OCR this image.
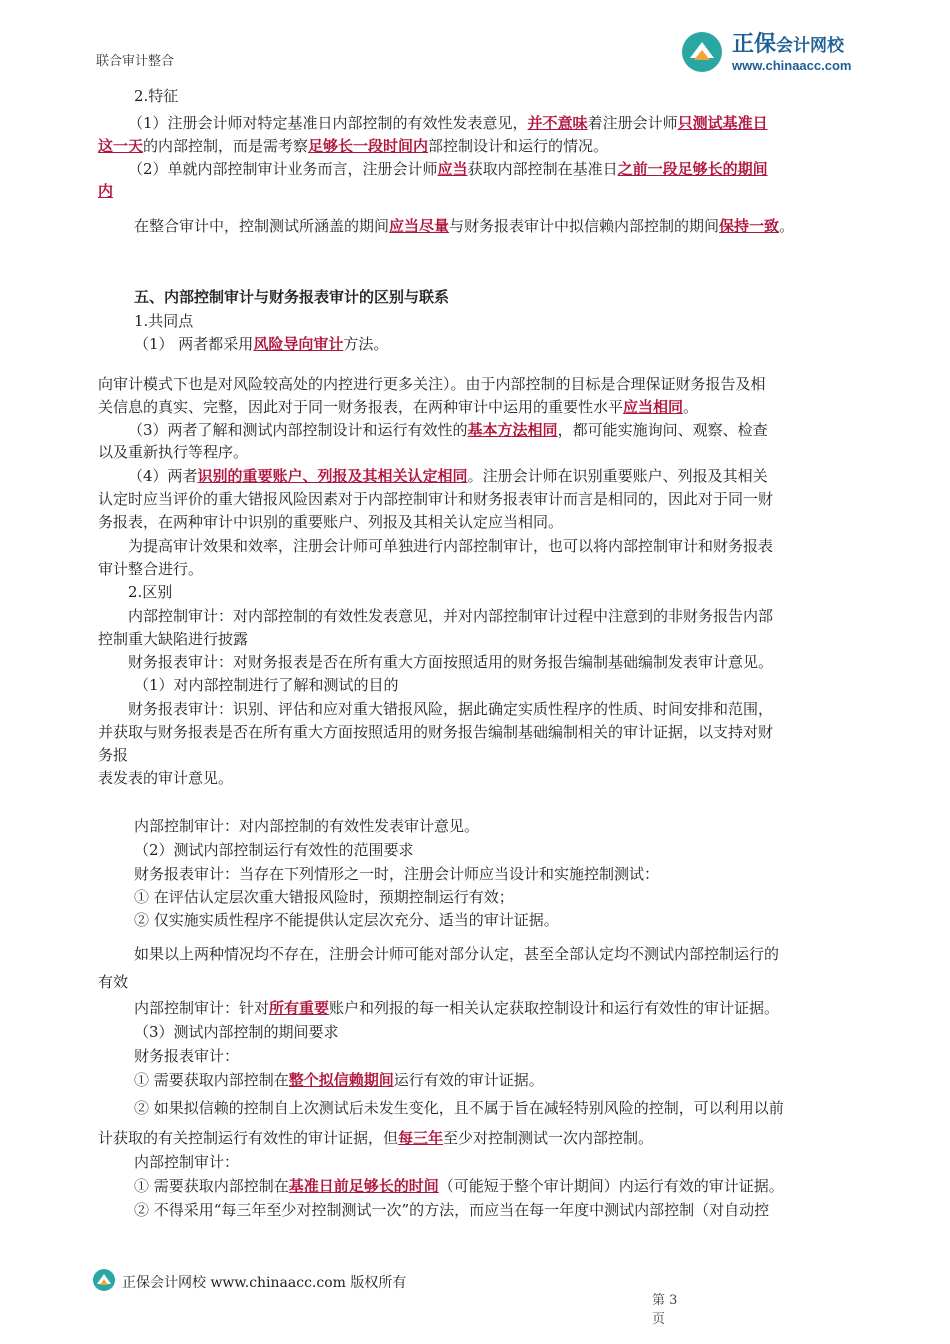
联合审计整合
正保会计网校
www.chinaacc.com
2.特征
（1）注册会计师对特定基准日内部控制的有效性发表意见，并不意味着注册会计师只测试基准日
这一天的内部控制，而是需考察足够长一段时间内部控制设计和运行的情况。
（2）单就内部控制审计业务而言，注册会计师应当获取内部控制在基准日之前一段足够长的期间
内
在整合审计中，控制测试所涵盖的期间应当尽量与财务报表审计中拟信赖内部控制的期间保持一致。
五、内部控制审计与财务报表审计的区别与联系
1.共同点
（1） 两者都采用风险导向审计方法。
向审计模式下也是对风险较高处的内控进行更多关注）。由于内部控制的目标是合理保证财务报告及相
关信息的真实、完整，因此对于同一财务报表，在两种审计中运用的重要性水平应当相同。
（3）两者了解和测试内部控制设计和运行有效性的基本方法相同，都可能实施询问、观察、检查
以及重新执行等程序。
（4）两者识别的重要账户、列报及其相关认定相同。注册会计师在识别重要账户、列报及其相关
认定时应当评价的重大错报风险因素对于内部控制审计和财务报表审计而言是相同的，因此对于同一财
务报表，在两种审计中识别的重要账户、列报及其相关认定应当相同。
为提高审计效果和效率，注册会计师可单独进行内部控制审计，也可以将内部控制审计和财务报表
审计整合进行。
2.区别
内部控制审计：对内部控制的有效性发表意见，并对内部控制审计过程中注意到的非财务报告内部
控制重大缺陷进行披露
财务报表审计：对财务报表是否在所有重大方面按照适用的财务报告编制基础编制发表审计意见。
（1）对内部控制进行了解和测试的目的
财务报表审计：识别、评估和应对重大错报风险，据此确定实质性程序的性质、时间安排和范围，
并获取与财务报表是否在所有重大方面按照适用的财务报告编制基础编制相关的审计证据，以支持对财
务报
表发表的审计意见。
内部控制审计：对内部控制的有效性发表审计意见。
（2）测试内部控制运行有效性的范围要求
财务报表审计：当存在下列情形之一时，注册会计师应当设计和实施控制测试：
① 在评估认定层次重大错报风险时，预期控制运行有效；
② 仅实施实质性程序不能提供认定层次充分、适当的审计证据。
如果以上两种情况均不存在，注册会计师可能对部分认定，甚至全部认定均不测试内部控制运行的
有效
内部控制审计：针对所有重要账户和列报的每一相关认定获取控制设计和运行有效性的审计证据。
（3）测试内部控制的期间要求
财务报表审计：
① 需要获取内部控制在整个拟信赖期间运行有效的审计证据。
② 如果拟信赖的控制自上次测试后未发生变化，且不属于旨在减轻特别风险的控制，可以利用以前
计获取的有关控制运行有效性的审计证据，但每三年至少对控制测试一次内部控制。
内部控制审计：
① 需要获取内部控制在基准日前足够长的时间（可能短于整个审计期间）内运行有效的审计证据。
② 不得采用“每三年至少对控制测试一次”的方法，而应当在每一年度中测试内部控制（对自动控
正保会计网校 www.chinaacc.com 版权所有
第 3 页
